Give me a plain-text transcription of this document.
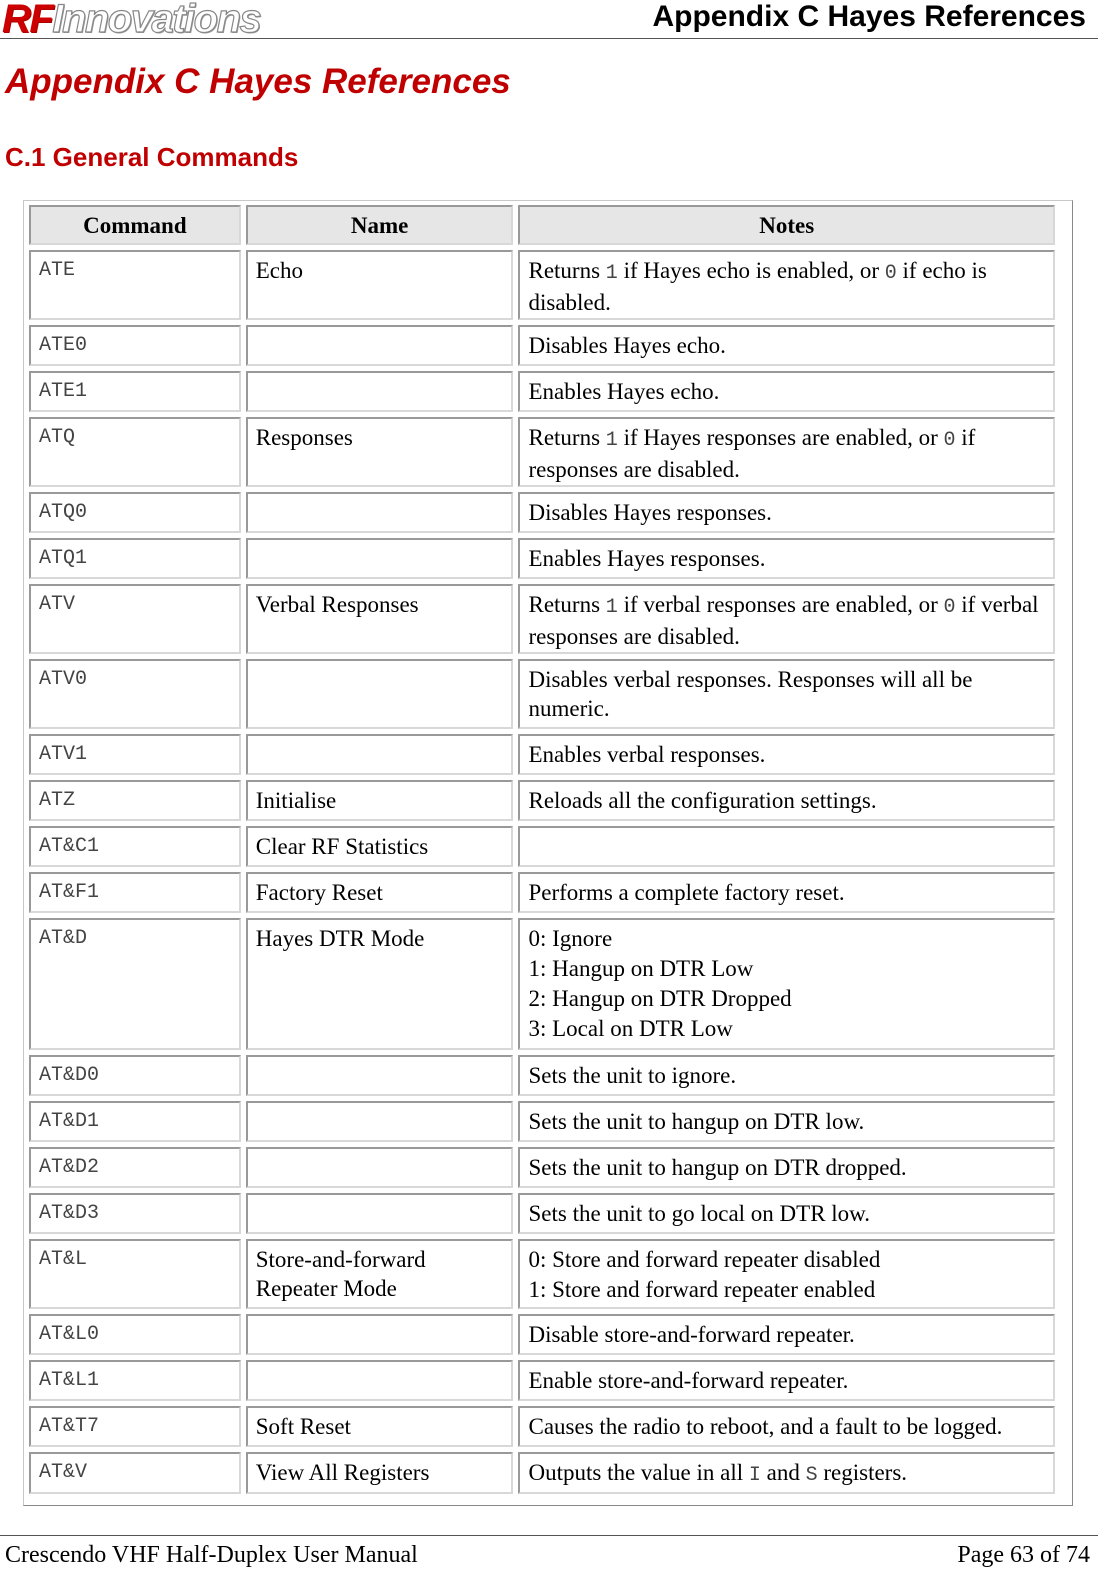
RFInnovations	Appendix C Hayes References
Appendix C Hayes References
C.1 General Commands
Command	Name	Notes
ATE	Echo	Returns 1 if Hayes echo is enabled, or 0 if echo is disabled.
ATE0		Disables Hayes echo.
ATE1		Enables Hayes echo.
ATQ	Responses	Returns 1 if Hayes responses are enabled, or 0 if responses are disabled.
ATQ0		Disables Hayes responses.
ATQ1		Enables Hayes responses.
ATV	Verbal Responses	Returns 1 if verbal responses are enabled, or 0 if verbal responses are disabled.
ATV0		Disables verbal responses. Responses will all be numeric.
ATV1		Enables verbal responses.
ATZ	Initialise	Reloads all the configuration settings.
AT&C1	Clear RF Statistics	
AT&F1	Factory Reset	Performs a complete factory reset.
AT&D	Hayes DTR Mode	0: Ignore
1: Hangup on DTR Low
2: Hangup on DTR Dropped
3: Local on DTR Low

AT&D0		Sets the unit to ignore.
AT&D1		Sets the unit to hangup on DTR low.
AT&D2		Sets the unit to hangup on DTR dropped.
AT&D3		Sets the unit to go local on DTR low.
AT&L	Store-and-forward Repeater Mode	0: Store and forward repeater disabled
1: Store and forward repeater enabled

AT&L0		Disable store-and-forward repeater.
AT&L1		Enable store-and-forward repeater.
AT&T7	Soft Reset	Causes the radio to reboot, and a fault to be logged.
AT&V	View All Registers	Outputs the value in all I and S registers.
Crescendo VHF Half-Duplex User Manual	Page 63 of 74
